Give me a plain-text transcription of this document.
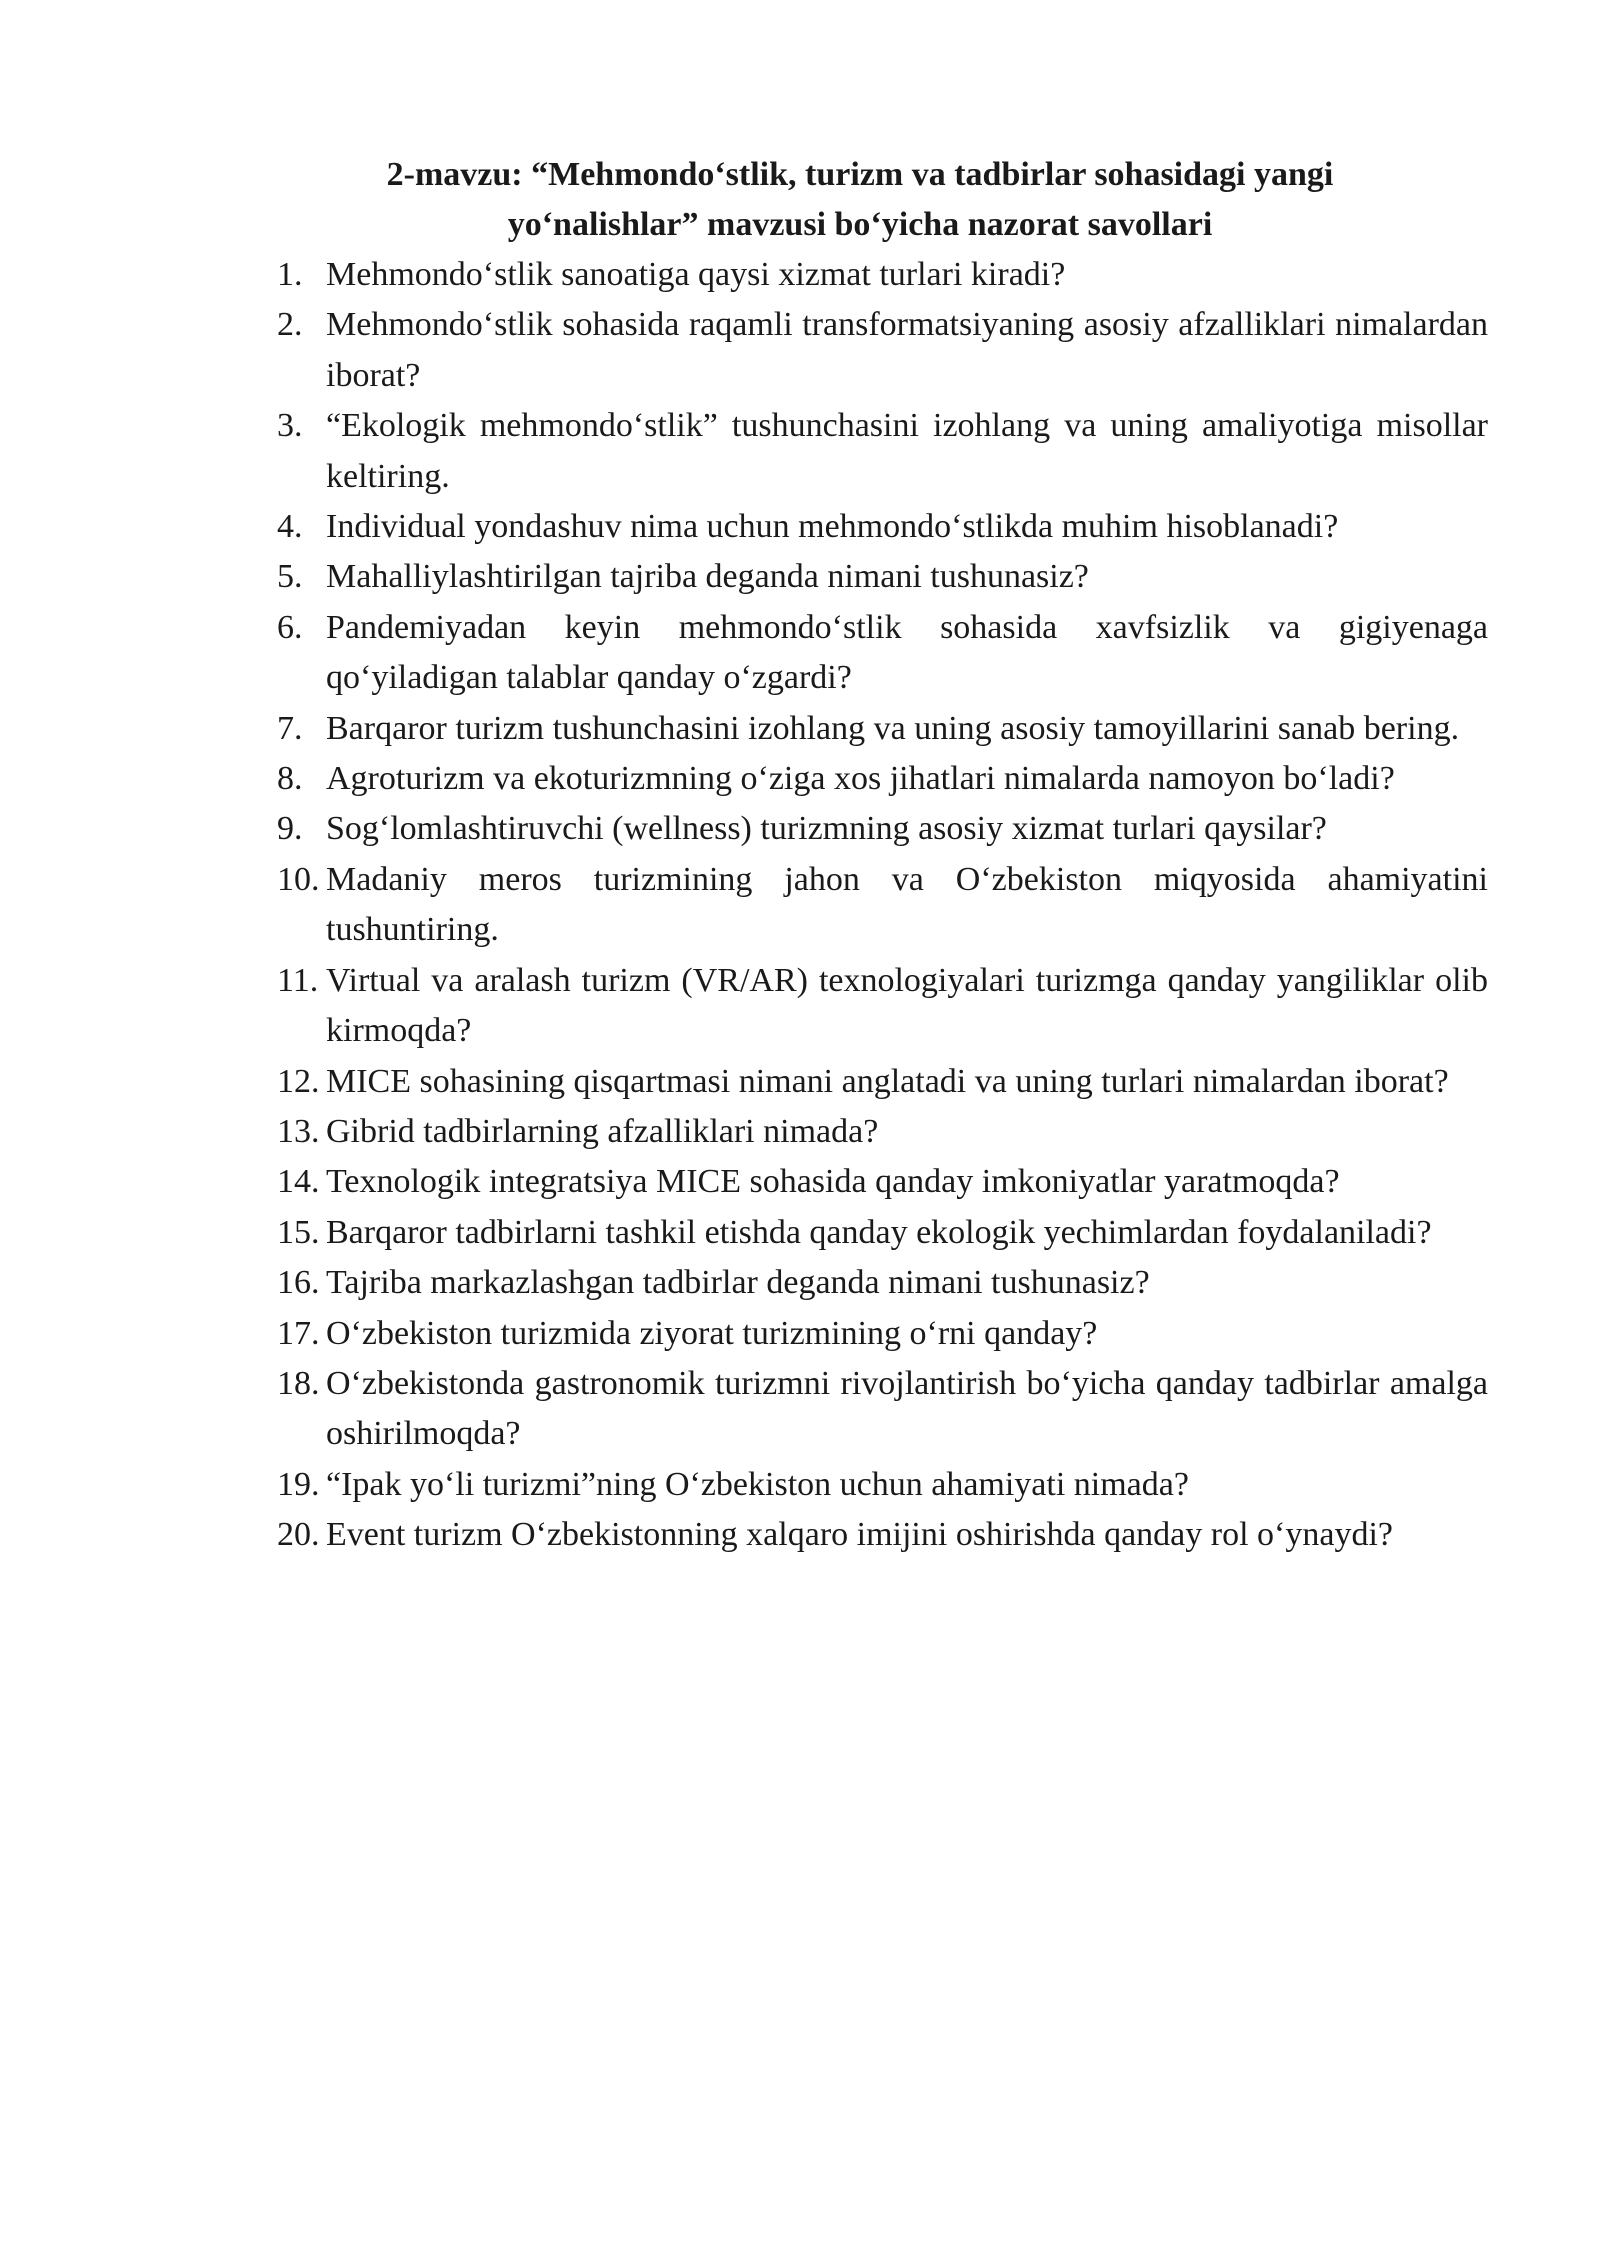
2-mavzu: “Mehmondo‘stlik, turizm va tadbirlar sohasidagi yangi
yo‘nalishlar” mavzusi bo‘yicha nazorat savollari
1. Mehmondo‘stlik sanoatiga qaysi xizmat turlari kiradi?
2. Mehmondo‘stlik sohasida raqamli transformatsiyaning asosiy afzalliklari nimalardan iborat?
3. “Ekologik mehmondo‘stlik” tushunchasini izohlang va uning amaliyotiga misollar keltiring.
4. Individual yondashuv nima uchun mehmondo‘stlikda muhim hisoblanadi?
5. Mahalliylashtirilgan tajriba deganda nimani tushunasiz?
6. Pandemiyadan keyin mehmondo‘stlik sohasida xavfsizlik va gigiyenaga qo‘yiladigan talablar qanday o‘zgardi?
7. Barqaror turizm tushunchasini izohlang va uning asosiy tamoyillarini sanab bering.
8. Agroturizm va ekoturizmning o‘ziga xos jihatlari nimalarda namoyon bo‘ladi?
9. Sog‘lomlashtiruvchi (wellness) turizmning asosiy xizmat turlari qaysilar?
10. Madaniy meros turizmining jahon va O‘zbekiston miqyosida ahamiyatini tushuntiring.
11. Virtual va aralash turizm (VR/AR) texnologiyalari turizmga qanday yangiliklar olib kirmoqda?
12. MICE sohasining qisqartmasi nimani anglatadi va uning turlari nimalardan iborat?
13. Gibrid tadbirlarning afzalliklari nimada?
14. Texnologik integratsiya MICE sohasida qanday imkoniyatlar yaratmoqda?
15. Barqaror tadbirlarni tashkil etishda qanday ekologik yechimlardan foydalaniladi?
16. Tajriba markazlashgan tadbirlar deganda nimani tushunasiz?
17. O‘zbekiston turizmida ziyorat turizmining o‘rni qanday?
18. O‘zbekistonda gastronomik turizmni rivojlantirish bo‘yicha qanday tadbirlar amalga oshirilmoqda?
19. “Ipak yo‘li turizmi”ning O‘zbekiston uchun ahamiyati nimada?
20. Event turizm O‘zbekistonning xalqaro imijini oshirishda qanday rol o‘ynaydi?
